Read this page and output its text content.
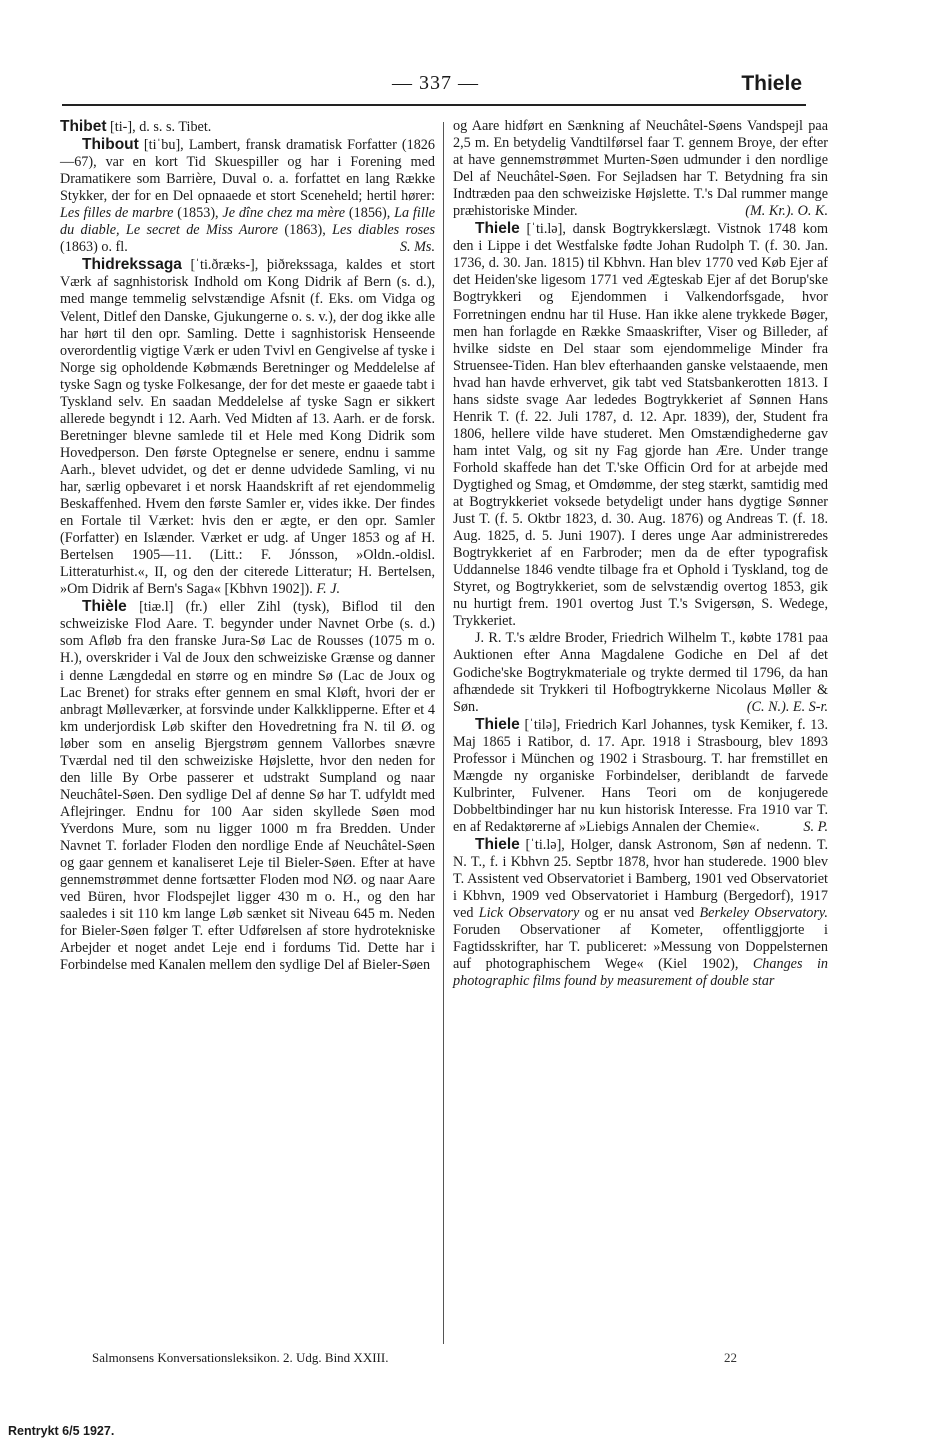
— 337 —	Thiele

Thibet [ti-], d. s. s. Tibet.

Thibout [tiˈbu], Lambert, fransk dramatisk Forfatter (1826—67), var en kort Tid Skuespiller og har i Forening med Dramatikere som Barrière, Duval o. a. forfattet en lang Række Stykker, der for en Del opnaaede et stort Sceneheld; hertil hører: Les filles de marbre (1853), Je dîne chez ma mère (1856), La fille du diable, Le secret de Miss Aurore (1863), Les diables roses (1863) o. fl.	S. Ms.

Thidrekssaga [ˈti.ðræks-], þiðrekssaga, kaldes et stort Værk af sagnhistorisk Indhold om Kong Didrik af Bern (s. d.), med mange temmelig selvstændige Afsnit (f. Eks. om Vidga og Velent, Ditlef den Danske, Gjukungerne o. s. v.), der dog ikke alle har hørt til den opr. Samling. Dette i sagnhistorisk Henseende overordentlig vigtige Værk er uden Tvivl en Gengivelse af tyske i Norge sig opholdende Købmænds Beretninger og Meddelelse af tyske Sagn og tyske Folkesange, der for det meste er gaaede tabt i Tyskland selv. En saadan Meddelelse af tyske Sagn er sikkert allerede begyndt i 12. Aarh. Ved Midten af 13. Aarh. er de forsk. Beretninger blevne samlede til et Hele med Kong Didrik som Hovedperson. Den første Optegnelse er senere, endnu i samme Aarh., blevet udvidet, og det er denne udvidede Samling, vi nu har, særlig opbevaret i et norsk Haandskrift af ret ejendommelig Beskaffenhed. Hvem den første Samler er, vides ikke. Der findes en Fortale til Værket: hvis den er ægte, er den opr. Samler (Forfatter) en Islænder. Værket er udg. af Unger 1853 og af H. Bertelsen 1905—11. (Litt.: F. Jónsson, »Oldn.-oldisl. Litteraturhist.«, II, og den der citerede Litteratur; H. Bertelsen, »Om Didrik af Bern's Saga« [Kbhvn 1902]). F. J.

Thièle [tiæ.l] (fr.) eller Zihl (tysk), Biflod til den schweiziske Flod Aare. T. begynder under Navnet Orbe (s. d.) som Afløb fra den franske Jura-Sø Lac de Rousses (1075 m o. H.), overskrider i Val de Joux den schweiziske Grænse og danner i denne Længdedal en større og en mindre Sø (Lac de Joux og Lac Brenet) for straks efter gennem en smal Kløft, hvori der er anbragt Mølleværker, at forsvinde under Kalkklipperne. Efter et 4 km underjordisk Løb skifter den Hovedretning fra N. til Ø. og løber som en anselig Bjergstrøm gennem Vallorbes snævre Tværdal ned til den schweiziske Højslette, hvor den neden for den lille By Orbe passerer et udstrakt Sumpland og naar Neuchâtel-Søen. Den sydlige Del af denne Sø har T. udfyldt med Aflejringer. Endnu for 100 Aar siden skyllede Søen mod Yverdons Mure, som nu ligger 1000 m fra Bredden. Under Navnet T. forlader Floden den nordlige Ende af Neuchâtel-Søen og gaar gennem et kanaliseret Leje til Bieler-Søen. Efter at have gennemstrømmet denne fortsætter Floden mod NØ. og naar Aare ved Büren, hvor Flodspejlet ligger 430 m o. H., og den har saaledes i sit 110 km lange Løb sænket sit Niveau 645 m. Neden for Bieler-Søen følger T. efter Udførelsen af store hydrotekniske Arbejder et noget andet Leje end i fordums Tid. Dette har i Forbindelse med Kanalen mellem den sydlige Del af Bieler-Søen

og Aare hidført en Sænkning af Neuchâtel-Søens Vandspejl paa 2,5 m. En betydelig Vandtilførsel faar T. gennem Broye, der efter at have gennemstrømmet Murten-Søen udmunder i den nordlige Del af Neuchâtel-Søen. For Sejladsen har T. Betydning fra sin Indtræden paa den schweiziske Højslette. T.'s Dal rummer mange præhistoriske Minder.	(M. Kr.). O. K.

Thiele [ˈti.lə], dansk Bogtrykkerslægt. Vistnok 1748 kom den i Lippe i det Westfalske fødte Johan Rudolph T. (f. 30. Jan. 1736, d. 30. Jan. 1815) til Kbhvn. Han blev 1770 ved Køb Ejer af det Heiden'ske ligesom 1771 ved Ægteskab Ejer af det Borup'ske Bogtrykkeri og Ejendommen i Valkendorfsgade, hvor Forretningen endnu har til Huse. Han ikke alene trykkede Bøger, men han forlagde en Række Smaaskrifter, Viser og Billeder, af hvilke sidste en Del staar som ejendommelige Minder fra Struensee-Tiden. Han blev efterhaanden ganske velstaaende, men hvad han havde erhvervet, gik tabt ved Statsbankerotten 1813. I hans sidste svage Aar lededes Bogtrykkeriet af Sønnen Hans Henrik T. (f. 22. Juli 1787, d. 12. Apr. 1839), der, Student fra 1806, hellere vilde have studeret. Men Omstændighederne gav ham intet Valg, og sit ny Fag gjorde han Ære. Under trange Forhold skaffede han det T.'ske Officin Ord for at arbejde med Dygtighed og Smag, et Omdømme, der steg stærkt, samtidig med at Bogtrykkeriet voksede betydeligt under hans dygtige Sønner Just T. (f. 5. Oktbr 1823, d. 30. Aug. 1876) og Andreas T. (f. 18. Aug. 1825, d. 5. Juni 1907). I deres unge Aar administreredes Bogtrykkeriet af en Farbroder; men da de efter typografisk Uddannelse 1846 vendte tilbage fra et Ophold i Tyskland, tog de Styret, og Bogtrykkeriet, som de selvstændig overtog 1853, gik nu hurtigt frem. 1901 overtog Just T.'s Svigersøn, S. Wedege, Trykkeriet.

J. R. T.'s ældre Broder, Friedrich Wilhelm T., købte 1781 paa Auktionen efter Anna Magdalene Godiche en Del af det Godiche'ske Bogtrykmateriale og trykte dermed til 1796, da han afhændede sit Trykkeri til Hofbogtrykkerne Nicolaus Møller & Søn.	(C. N.). E. S-r.

Thiele [ˈtilə], Friedrich Karl Johannes, tysk Kemiker, f. 13. Maj 1865 i Ratibor, d. 17. Apr. 1918 i Strasbourg, blev 1893 Professor i München og 1902 i Strasbourg. T. har fremstillet en Mængde ny organiske Forbindelser, deriblandt de farvede Kulbrinter, Fulvener. Hans Teori om de konjugerede Dobbeltbindinger har nu kun historisk Interesse. Fra 1910 var T. en af Redaktørerne af »Liebigs Annalen der Chemie«.	S. P.

Thiele [ˈti.lə], Holger, dansk Astronom, Søn af nedenn. T. N. T., f. i Kbhvn 25. Septbr 1878, hvor han studerede. 1900 blev T. Assistent ved Observatoriet i Bamberg, 1901 ved Observatoriet i Kbhvn, 1909 ved Observatoriet i Hamburg (Bergedorf), 1917 ved Lick Observatory og er nu ansat ved Berkeley Observatory. Foruden Observationer af Kometer, offentliggjorte i Fagtidsskrifter, har T. publiceret: »Messung von Doppelsternen auf photographischem Wege« (Kiel 1902), Changes in photographic films found by measurement of double star

Salmonsens Konversationsleksikon. 2. Udg. Bind XXIII.	22
Rentrykt 6/5 1927.
